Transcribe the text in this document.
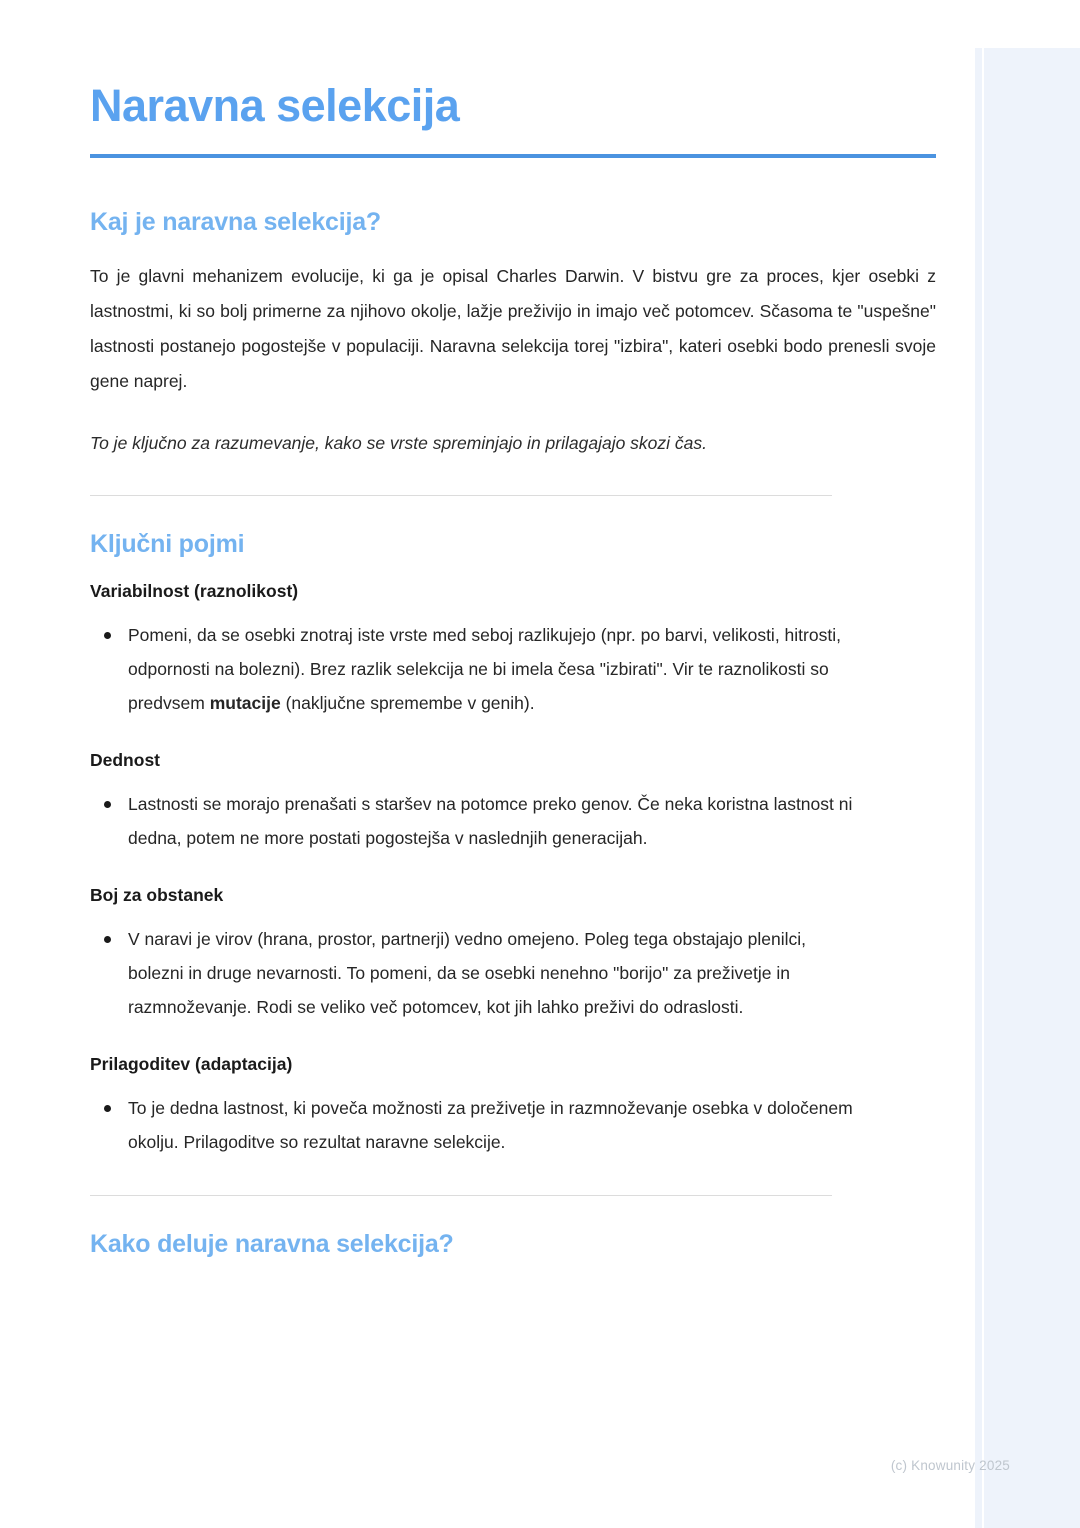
Naravna selekcija
Kaj je naravna selekcija?

To je glavni mehanizem evolucije, ki ga je opisal Charles Darwin. V bistvu gre za proces, kjer osebki z lastnostmi, ki so bolj primerne za njihovo okolje, lažje preživijo in imajo več potomcev. Sčasoma te "uspešne" lastnosti postanejo pogostejše v populaciji. Naravna selekcija torej "izbira", kateri osebki bodo prenesli svoje gene naprej.

To je ključno za razumevanje, kako se vrste spreminjajo in prilagajajo skozi čas.

Ključni pojmi
Variabilnost (raznolikost)
Pomeni, da se osebki znotraj iste vrste med seboj razlikujejo (npr. po barvi, velikosti, hitrosti, odpornosti na bolezni). Brez razlik selekcija ne bi imela česa "izbirati". Vir te raznolikosti so predvsem mutacije (naključne spremembe v genih).
Dednost
Lastnosti se morajo prenašati s staršev na potomce preko genov. Če neka koristna lastnost ni dedna, potem ne more postati pogostejša v naslednjih generacijah.
Boj za obstanek
V naravi je virov (hrana, prostor, partnerji) vedno omejeno. Poleg tega obstajajo plenilci, bolezni in druge nevarnosti. To pomeni, da se osebki nenehno "borijo" za preživetje in razmnoževanje. Rodi se veliko več potomcev, kot jih lahko preživi do odraslosti.
Prilagoditev (adaptacija)
To je dedna lastnost, ki poveča možnosti za preživetje in razmnoževanje osebka v določenem okolju. Prilagoditve so rezultat naravne selekcije.
Kako deluje naravna selekcija?
(c) Knowunity 2025
